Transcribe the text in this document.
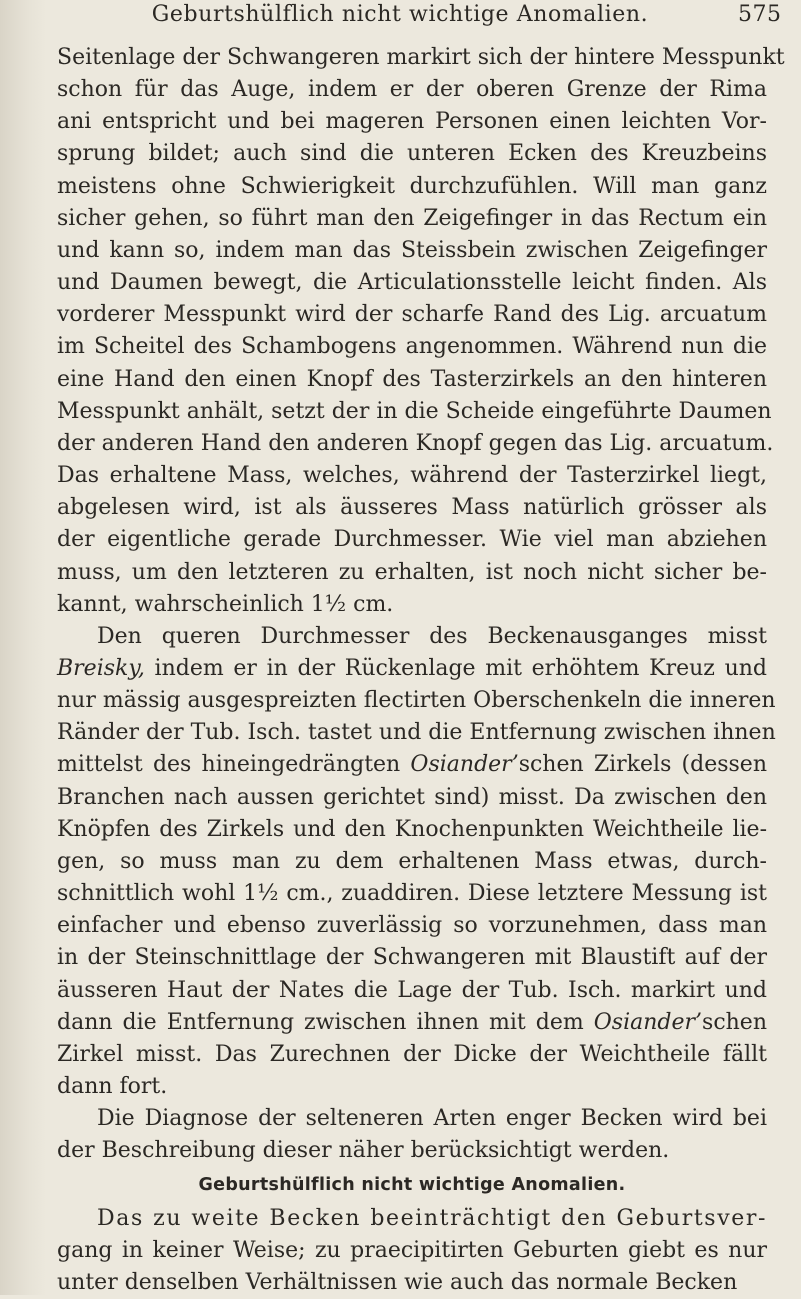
Geburtshülflich nicht wichtige Anomalien.	575
Seitenlage der Schwangeren markirt sich der hintere Messpunkt
schon für das Auge, indem er der oberen Grenze der Rima
ani entspricht und bei mageren Personen einen leichten Vor-
sprung bildet; auch sind die unteren Ecken des Kreuzbeins
meistens ohne Schwierigkeit durchzufühlen. Will man ganz
sicher gehen, so führt man den Zeigefinger in das Rectum ein
und kann so, indem man das Steissbein zwischen Zeigefinger
und Daumen bewegt, die Articulationsstelle leicht finden. Als
vorderer Messpunkt wird der scharfe Rand des Lig. arcuatum
im Scheitel des Schambogens angenommen. Während nun die
eine Hand den einen Knopf des Tasterzirkels an den hinteren
Messpunkt anhält, setzt der in die Scheide eingeführte Daumen
der anderen Hand den anderen Knopf gegen das Lig. arcuatum.
Das erhaltene Mass, welches, während der Tasterzirkel liegt,
abgelesen wird, ist als äusseres Mass natürlich grösser als
der eigentliche gerade Durchmesser. Wie viel man abziehen
muss, um den letzteren zu erhalten, ist noch nicht sicher be-
kannt, wahrscheinlich 1½ cm.
Den queren Durchmesser des Beckenausganges misst
Breisky, indem er in der Rückenlage mit erhöhtem Kreuz und
nur mässig ausgespreizten flectirten Oberschenkeln die inneren
Ränder der Tub. Isch. tastet und die Entfernung zwischen ihnen
mittelst des hineingedrängten Osiander’schen Zirkels (dessen
Branchen nach aussen gerichtet sind) misst. Da zwischen den
Knöpfen des Zirkels und den Knochenpunkten Weichtheile lie-
gen, so muss man zu dem erhaltenen Mass etwas, durch-
schnittlich wohl 1½ cm., zuaddiren. Diese letztere Messung ist
einfacher und ebenso zuverlässig so vorzunehmen, dass man
in der Steinschnittlage der Schwangeren mit Blaustift auf der
äusseren Haut der Nates die Lage der Tub. Isch. markirt und
dann die Entfernung zwischen ihnen mit dem Osiander’schen
Zirkel misst. Das Zurechnen der Dicke der Weichtheile fällt
dann fort.
Die Diagnose der selteneren Arten enger Becken wird bei
der Beschreibung dieser näher berücksichtigt werden.
Geburtshülflich nicht wichtige Anomalien.
Das zu weite Becken beeinträchtigt den Geburtsver-
gang in keiner Weise; zu praecipitirten Geburten giebt es nur
unter denselben Verhältnissen wie auch das normale Becken
